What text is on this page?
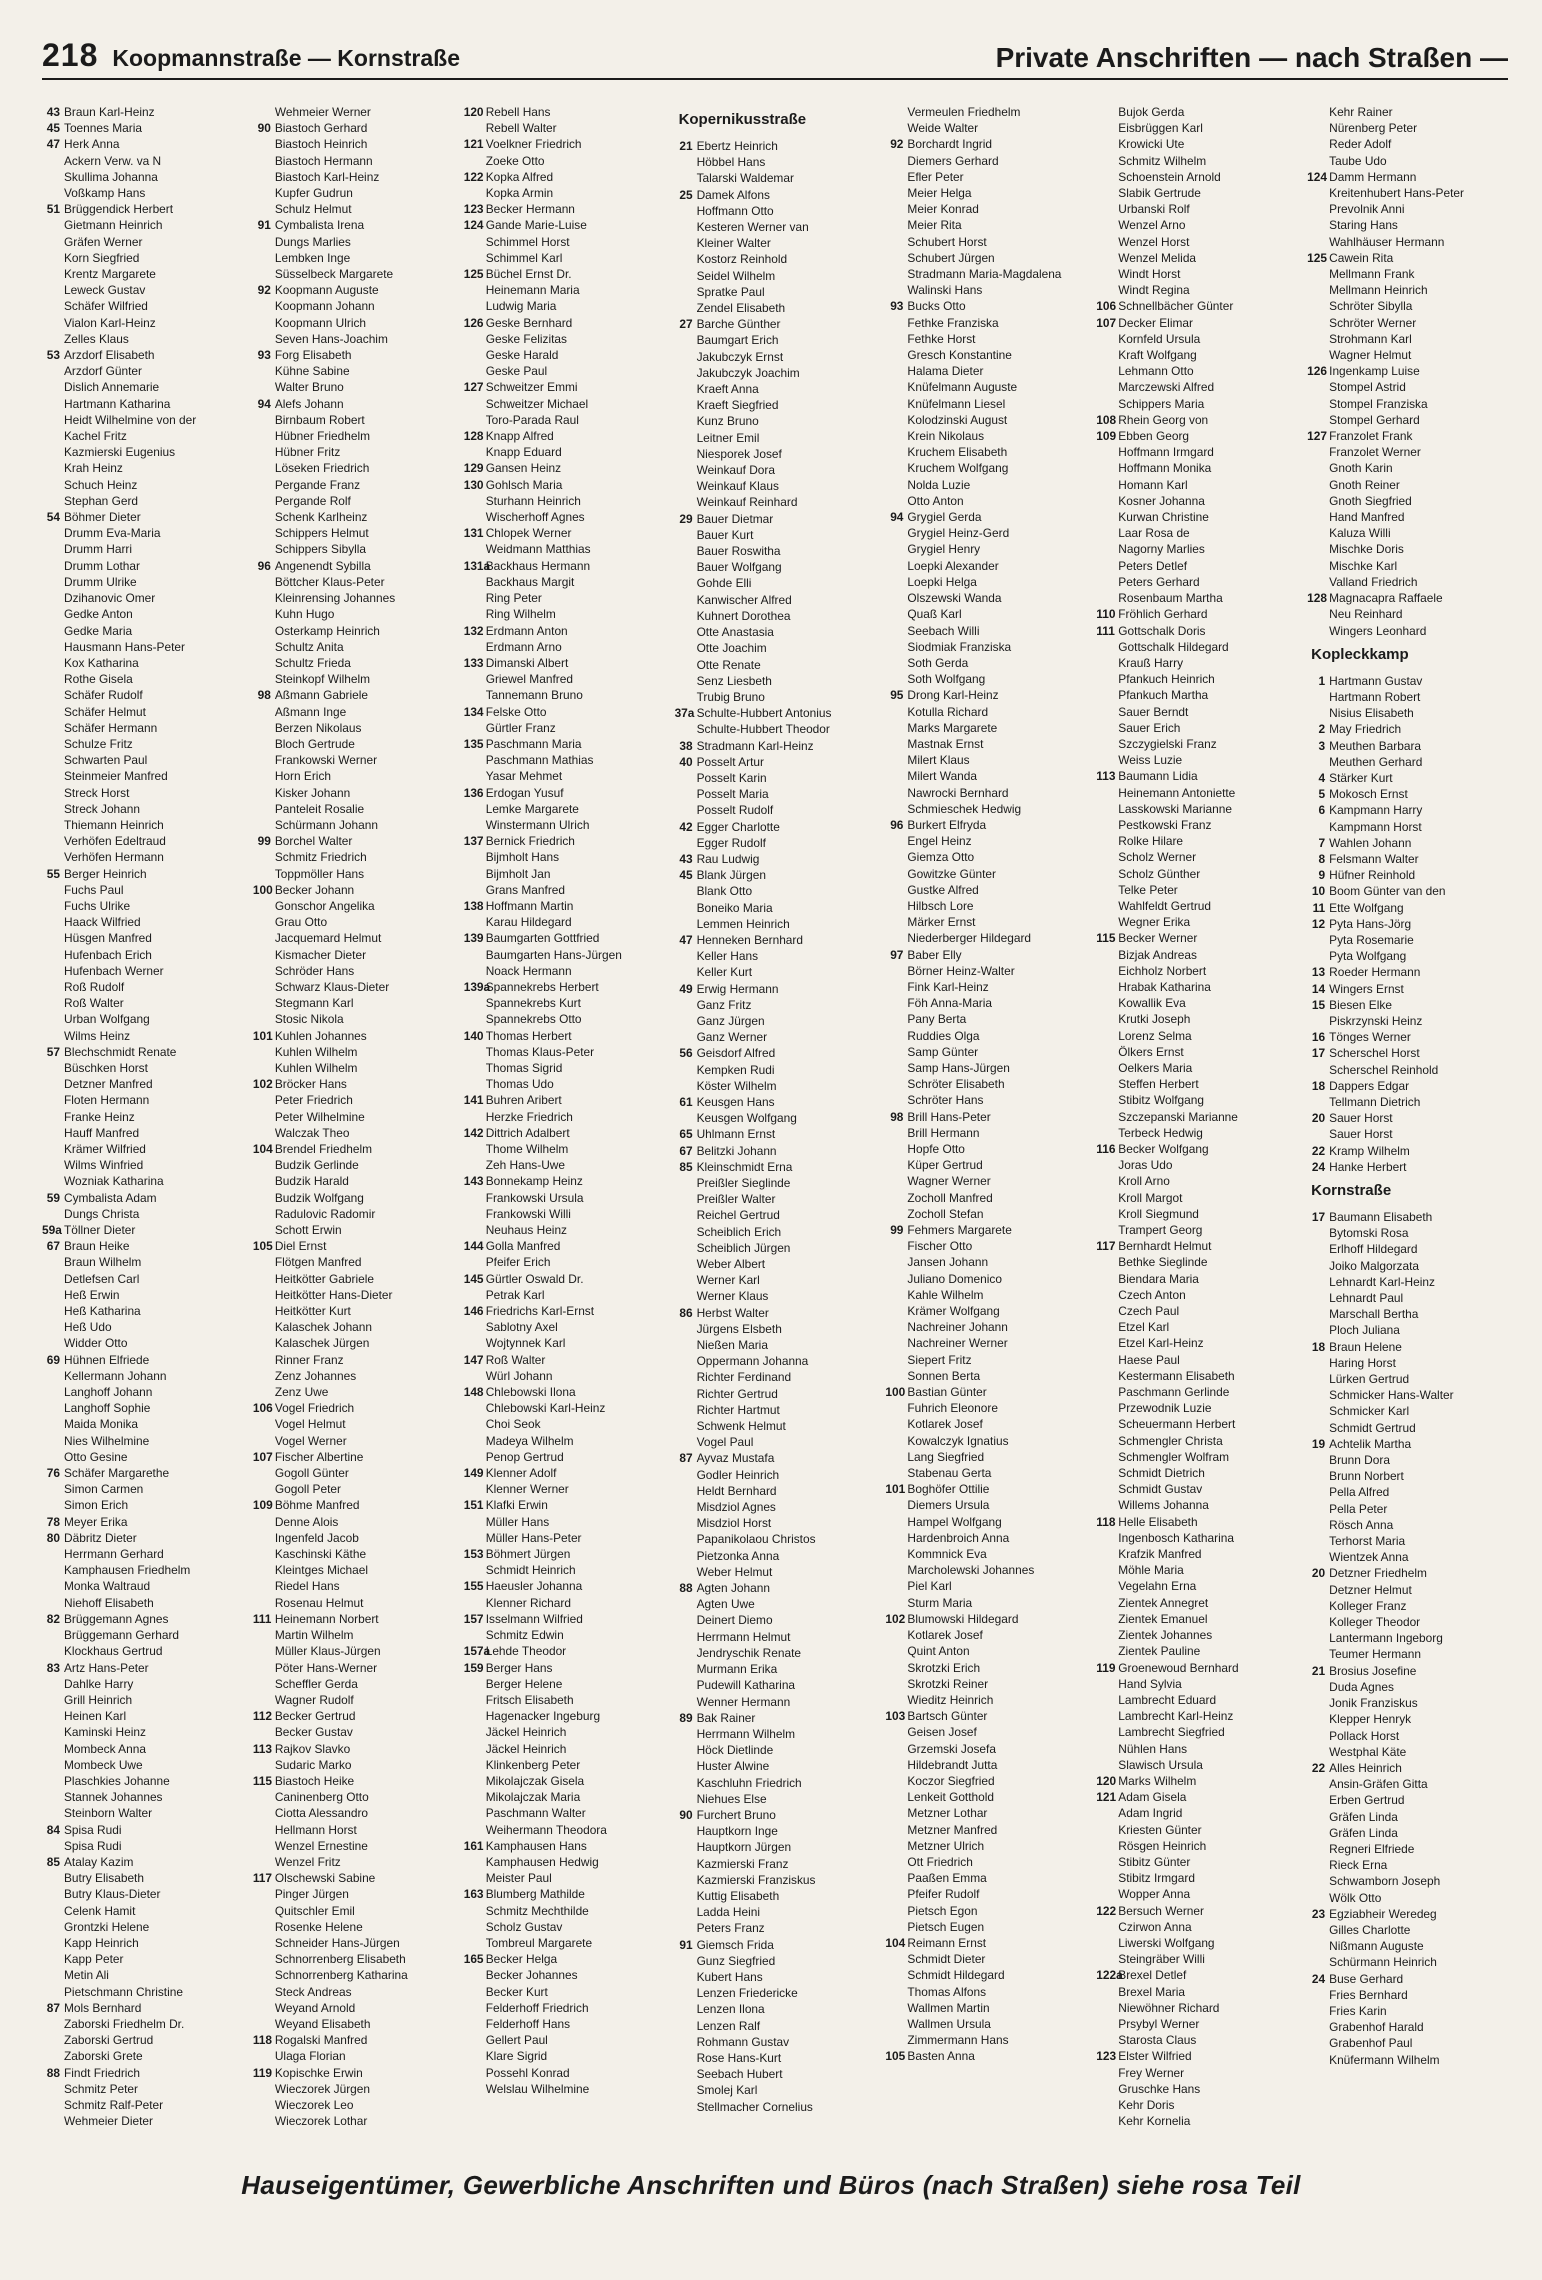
218 Koopmannstraße — Kornstraße	Private Anschriften — nach Straßen —
43 Braun Karl-Heinz
45 Toennes Maria
47 Herk Anna
Ackern Verw. va N
Skullima Johanna
Voßkamp Hans
51 Brüggendick Herbert
Gietmann Heinrich
Gräfen Werner
Korn Siegfried
Krentz Margarete
Leweck Gustav
Schäfer Wilfried
Vialon Karl-Heinz
Zelles Klaus
53 Arzdorf Elisabeth
Arzdorf Günter
Dislich Annemarie
Hartmann Katharina
Heidt Wilhelmine von der
Kachel Fritz
Kazmierski Eugenius
Krah Heinz
Schuch Heinz
Stephan Gerd
54 Böhmer Dieter
Drumm Eva-Maria
Drumm Harri
Drumm Lothar
Drumm Ulrike
Dzihanovic Omer
Gedke Anton
Gedke Maria
Hausmann Hans-Peter
Kox Katharina
Rothe Gisela
Schäfer Rudolf
Schäfer Helmut
Schäfer Hermann
Schulze Fritz
Schwarten Paul
Steinmeier Manfred
Streck Horst
Streck Johann
Thiemann Heinrich
Verhöfen Edeltraud
Verhöfen Hermann
55 Berger Heinrich
Fuchs Paul
Fuchs Ulrike
Haack Wilfried
Hüsgen Manfred
Hufenbach Erich
Hufenbach Werner
Roß Rudolf
Roß Walter
Urban Wolfgang
Wilms Heinz
57 Blechschmidt Renate
Büschken Horst
Detzner Manfred
Floten Hermann
Franke Heinz
Hauff Manfred
Krämer Wilfried
Wilms Winfried
Wozniak Katharina
59 Cymbalista Adam
Dungs Christa
59a Töllner Dieter
67 Braun Heike
Braun Wilhelm
Detlefsen Carl
Heß Erwin
Heß Katharina
Heß Udo
Widder Otto
69 Hühnen Elfriede
Kellermann Johann
Langhoff Johann
Langhoff Sophie
Maida Monika
Nies Wilhelmine
Otto Gesine
76 Schäfer Margarethe
Simon Carmen
Simon Erich
78 Meyer Erika
80 Däbritz Dieter
Herrmann Gerhard
Kamphausen Friedhelm
Monka Waltraud
Niehoff Elisabeth
82 Brüggemann Agnes
Brüggemann Gerhard
Klockhaus Gertrud
83 Artz Hans-Peter
Dahlke Harry
Grill Heinrich
Heinen Karl
Kaminski Heinz
Mombeck Anna
Mombeck Uwe
Plaschkies Johanne
Stannek Johannes
Steinborn Walter
84 Spisa Rudi
Spisa Rudi
85 Atalay Kazim
Butry Elisabeth
Butry Klaus-Dieter
Celenk Hamit
Grontzki Helene
Kapp Heinrich
Kapp Peter
Metin Ali
Pietschmann Christine
87 Mols Bernhard
Zaborski Friedhelm Dr.
Zaborski Gertrud
Zaborski Grete
88 Findt Friedrich
Schmitz Peter
Schmitz Ralf-Peter
Wehmeier Dieter
Wehmeier Werner
90 Biastoch Gerhard
Biastoch Heinrich
Biastoch Hermann
Biastoch Karl-Heinz
Kupfer Gudrun
Schulz Helmut
91 Cymbalista Irena
Dungs Marlies
Lembken Inge
Süsselbeck Margarete
92 Koopmann Auguste
Koopmann Johann
Koopmann Ulrich
Seven Hans-Joachim
93 Forg Elisabeth
Kühne Sabine
Walter Bruno
94 Alefs Johann
Birnbaum Robert
Hübner Friedhelm
Hübner Fritz
Löseken Friedrich
Pergande Franz
Pergande Rolf
Schenk Karlheinz
Schippers Helmut
Schippers Sibylla
96 Angenendt Sybilla
Böttcher Klaus-Peter
Kleinrensing Johannes
Kuhn Hugo
Osterkamp Heinrich
Schultz Anita
Schultz Frieda
Steinkopf Wilhelm
98 Aßmann Gabriele
Aßmann Inge
Berzen Nikolaus
Bloch Gertrude
Frankowski Werner
Horn Erich
Kisker Johann
Panteleit Rosalie
Schürmann Johann
99 Borchel Walter
Schmitz Friedrich
Toppmöller Hans
100 Becker Johann
Gonschor Angelika
Grau Otto
Jacquemard Helmut
Kismacher Dieter
Schröder Hans
Schwarz Klaus-Dieter
Stegmann Karl
Stosic Nikola
101 Kuhlen Johannes
Kuhlen Wilhelm
Kuhlen Wilhelm
102 Bröcker Hans
Peter Friedrich
Peter Wilhelmine
Walczak Theo
104 Brendel Friedhelm
Budzik Gerlinde
Budzik Harald
Budzik Wolfgang
Radulovic Radomir
Schott Erwin
105 Diel Ernst
Flötgen Manfred
Heitkötter Gabriele
Heitkötter Hans-Dieter
Heitkötter Kurt
Kalaschek Johann
Kalaschek Jürgen
Rinner Franz
Zenz Johannes
Zenz Uwe
106 Vogel Friedrich
Vogel Helmut
Vogel Werner
107 Fischer Albertine
Gogoll Günter
Gogoll Peter
109 Böhme Manfred
Denne Alois
Ingenfeld Jacob
Kaschinski Käthe
Kleintges Michael
Riedel Hans
Rosenau Helmut
111 Heinemann Norbert
Martin Wilhelm
Müller Klaus-Jürgen
Pöter Hans-Werner
Scheffler Gerda
Wagner Rudolf
112 Becker Gertrud
Becker Gustav
113 Rajkov Slavko
Sudaric Marko
115 Biastoch Heike
Caninenberg Otto
Ciotta Alessandro
Hellmann Horst
Wenzel Ernestine
Wenzel Fritz
117 Olschewski Sabine
Pinger Jürgen
Quitschler Emil
Rosenke Helene
Schneider Hans-Jürgen
Schnorrenberg Elisabeth
Schnorrenberg Katharina
Steck Andreas
Weyand Arnold
Weyand Elisabeth
118 Rogalski Manfred
Ulaga Florian
119 Kopischke Erwin
Wieczorek Jürgen
Wieczorek Leo
Wieczorek Lothar
120 Rebell Hans
Rebell Walter
121 Voelkner Friedrich
Zoeke Otto
122 Kopka Alfred
Kopka Armin
123 Becker Hermann
124 Gande Marie-Luise
Schimmel Horst
Schimmel Karl
125 Büchel Ernst Dr.
Heinemann Maria
Ludwig Maria
126 Geske Bernhard
Geske Felizitas
Geske Harald
Geske Paul
127 Schweitzer Emmi
Schweitzer Michael
Toro-Parada Raul
128 Knapp Alfred
Knapp Eduard
129 Gansen Heinz
130 Gohlsch Maria
Sturhann Heinrich
Wischerhoff Agnes
131 Chlopek Werner
Weidmann Matthias
131aBackhaus Hermann
Backhaus Margit
Ring Peter
Ring Wilhelm
132 Erdmann Anton
Erdmann Arno
133 Dimanski Albert
Griewel Manfred
Tannemann Bruno
134 Felske Otto
Gürtler Franz
135 Paschmann Maria
Paschmann Mathias
Yasar Mehmet
136 Erdogan Yusuf
Lemke Margarete
Winstermann Ulrich
137 Bernick Friedrich
Bijmholt Hans
Bijmholt Jan
Grans Manfred
138 Hoffmann Martin
Karau Hildegard
139 Baumgarten Gottfried
Baumgarten Hans-Jürgen
Noack Hermann
139aSpannekrebs Herbert
Spannekrebs Kurt
Spannekrebs Otto
140 Thomas Herbert
Thomas Klaus-Peter
Thomas Sigrid
Thomas Udo
141 Buhren Aribert
Herzke Friedrich
142 Dittrich Adalbert
Thome Wilhelm
Zeh Hans-Uwe
143 Bonnekamp Heinz
Frankowski Ursula
Frankowski Willi
Neuhaus Heinz
144 Golla Manfred
Pfeifer Erich
145 Gürtler Oswald Dr.
Petrak Karl
146 Friedrichs Karl-Ernst
Sablotny Axel
Wojtynnek Karl
147 Roß Walter
Würl Johann
148 Chlebowski Ilona
Chlebowski Karl-Heinz
Choi Seok
Madeya Wilhelm
Penop Gertrud
149 Klenner Adolf
Klenner Werner
151 Klafki Erwin
Müller Hans
Müller Hans-Peter
153 Böhmert Jürgen
Schmidt Heinrich
155 Haeusler Johanna
Klenner Richard
157 Isselmann Wilfried
Schmitz Edwin
157aLehde Theodor
159 Berger Hans
Berger Helene
Fritsch Elisabeth
Hagenacker Ingeburg
Jäckel Heinrich
Jäckel Heinrich
Klinkenberg Peter
Mikolajczak Gisela
Mikolajczak Maria
Paschmann Walter
Weihermann Theodora
161 Kamphausen Hans
Kamphausen Hedwig
Meister Paul
163 Blumberg Mathilde
Schmitz Mechthilde
Scholz Gustav
Tombreul Margarete
165 Becker Helga
Becker Johannes
Becker Kurt
Felderhoff Friedrich
Felderhoff Hans
Gellert Paul
Klare Sigrid
Possehl Konrad
Welslau Wilhelmine
Kopernikusstraße
21 Ebertz Heinrich
Höbbel Hans
Talarski Waldemar
25 Damek Alfons
Hoffmann Otto
Kesteren Werner van
Kleiner Walter
Kostorz Reinhold
Seidel Wilhelm
Spratke Paul
Zendel Elisabeth
27 Barche Günther
Baumgart Erich
Jakubczyk Ernst
Jakubczyk Joachim
Kraeft Anna
Kraeft Siegfried
Kunz Bruno
Leitner Emil
Niesporek Josef
Weinkauf Dora
Weinkauf Klaus
Weinkauf Reinhard
29 Bauer Dietmar
Bauer Kurt
Bauer Roswitha
Bauer Wolfgang
Gohde Elli
Kanwischer Alfred
Kuhnert Dorothea
Otte Anastasia
Otte Joachim
Otte Renate
Senz Liesbeth
Trubig Bruno
37a Schulte-Hubbert Antonius
Schulte-Hubbert Theodor
38 Stradmann Karl-Heinz
40 Posselt Artur
Posselt Karin
Posselt Maria
Posselt Rudolf
42 Egger Charlotte
Egger Rudolf
43 Rau Ludwig
45 Blank Jürgen
Blank Otto
Boneiko Maria
Lemmen Heinrich
47 Henneken Bernhard
Keller Hans
Keller Kurt
49 Erwig Hermann
Ganz Fritz
Ganz Jürgen
Ganz Werner
56 Geisdorf Alfred
Kempken Rudi
Köster Wilhelm
61 Keusgen Hans
Keusgen Wolfgang
65 Uhlmann Ernst
67 Belitzki Johann
85 Kleinschmidt Erna
Preißler Sieglinde
Preißler Walter
Reichel Gertrud
Scheiblich Erich
Scheiblich Jürgen
Weber Albert
Werner Karl
Werner Klaus
86 Herbst Walter
Jürgens Elsbeth
Nießen Maria
Oppermann Johanna
Richter Ferdinand
Richter Gertrud
Richter Hartmut
Schwenk Helmut
Vogel Paul
87 Ayvaz Mustafa
Godler Heinrich
Heldt Bernhard
Misdziol Agnes
Misdziol Horst
Papanikolaou Christos
Pietzonka Anna
Weber Helmut
88 Agten Johann
Agten Uwe
Deinert Diemo
Herrmann Helmut
Jendryschik Renate
Murmann Erika
Pudewill Katharina
Wenner Hermann
89 Bak Rainer
Herrmann Wilhelm
Höck Dietlinde
Huster Alwine
Kaschluhn Friedrich
Niehues Else
90 Furchert Bruno
Hauptkorn Inge
Hauptkorn Jürgen
Kazmierski Franz
Kazmierski Franziskus
Kuttig Elisabeth
Ladda Heini
Peters Franz
91 Giemsch Frida
Gunz Siegfried
Kubert Hans
Lenzen Friedericke
Lenzen Ilona
Lenzen Ralf
Rohmann Gustav
Rose Hans-Kurt
Seebach Hubert
Smolej Karl
Stellmacher Cornelius
Vermeulen Friedhelm
Weide Walter
92 Borchardt Ingrid
Diemers Gerhard
Efler Peter
Meier Helga
Meier Konrad
Meier Rita
Schubert Horst
Schubert Jürgen
Stradmann Maria-Magdalena
Walinski Hans
93 Bucks Otto
Fethke Franziska
Fethke Horst
Gresch Konstantine
Halama Dieter
Knüfelmann Auguste
Knüfelmann Liesel
Kolodzinski August
Krein Nikolaus
Kruchem Elisabeth
Kruchem Wolfgang
Nolda Luzie
Otto Anton
94 Grygiel Gerda
Grygiel Heinz-Gerd
Grygiel Henry
Loepki Alexander
Loepki Helga
Olszewski Wanda
Quaß Karl
Seebach Willi
Siodmiak Franziska
Soth Gerda
Soth Wolfgang
95 Drong Karl-Heinz
Kotulla Richard
Marks Margarete
Mastnak Ernst
Milert Klaus
Milert Wanda
Nawrocki Bernhard
Schmieschek Hedwig
96 Burkert Elfryda
Engel Heinz
Giemza Otto
Gowitzke Günter
Gustke Alfred
Hilbsch Lore
Märker Ernst
Niederberger Hildegard
97 Baber Elly
Börner Heinz-Walter
Fink Karl-Heinz
Föh Anna-Maria
Pany Berta
Ruddies Olga
Samp Günter
Samp Hans-Jürgen
Schröter Elisabeth
Schröter Hans
98 Brill Hans-Peter
Brill Hermann
Hopfe Otto
Küper Gertrud
Wagner Werner
Zocholl Manfred
Zocholl Stefan
99 Fehmers Margarete
Fischer Otto
Jansen Johann
Juliano Domenico
Kahle Wilhelm
Krämer Wolfgang
Nachreiner Johann
Nachreiner Werner
Siepert Fritz
Sonnen Berta
100 Bastian Günter
Fuhrich Eleonore
Kotlarek Josef
Kowalczyk Ignatius
Lang Siegfried
Stabenau Gerta
101 Boghöfer Ottilie
Diemers Ursula
Hampel Wolfgang
Hardenbroich Anna
Kommnick Eva
Marcholewski Johannes
Piel Karl
Sturm Maria
102 Blumowski Hildegard
Kotlarek Josef
Quint Anton
Skrotzki Erich
Skrotzki Reiner
Wieditz Heinrich
103 Bartsch Günter
Geisen Josef
Grzemski Josefa
Hildebrandt Jutta
Koczor Siegfried
Lenkeit Gotthold
Metzner Lothar
Metzner Manfred
Metzner Ulrich
Ott Friedrich
Paaßen Emma
Pfeifer Rudolf
Pietsch Egon
Pietsch Eugen
104 Reimann Ernst
Schmidt Dieter
Schmidt Hildegard
Thomas Alfons
Wallmen Martin
Wallmen Ursula
Zimmermann Hans
105 Basten Anna
Bujok Gerda
Eisbrüggen Karl
Krowicki Ute
Schmitz Wilhelm
Schoenstein Arnold
Slabik Gertrude
Urbanski Rolf
Wenzel Arno
Wenzel Horst
Wenzel Melida
Windt Horst
Windt Regina
106 Schnellbächer Günter
107 Decker Elimar
Kornfeld Ursula
Kraft Wolfgang
Lehmann Otto
Marczewski Alfred
Schippers Maria
108 Rhein Georg von
109 Ebben Georg
Hoffmann Irmgard
Hoffmann Monika
Homann Karl
Kosner Johanna
Kurwan Christine
Laar Rosa de
Nagorny Marlies
Peters Detlef
Peters Gerhard
Rosenbaum Martha
110 Fröhlich Gerhard
111 Gottschalk Doris
Gottschalk Hildegard
Krauß Harry
Pfankuch Heinrich
Pfankuch Martha
Sauer Berndt
Sauer Erich
Szczygielski Franz
Weiss Luzie
113 Baumann Lidia
Heinemann Antoniette
Lasskowski Marianne
Pestkowski Franz
Rolke Hilare
Scholz Werner
Scholz Günther
Telke Peter
Wahlfeldt Gertrud
Wegner Erika
115 Becker Werner
Bizjak Andreas
Eichholz Norbert
Hrabak Katharina
Kowallik Eva
Krutki Joseph
Lorenz Selma
Ölkers Ernst
Oelkers Maria
Steffen Herbert
Stibitz Wolfgang
Szczepanski Marianne
Terbeck Hedwig
116 Becker Wolfgang
Joras Udo
Kroll Arno
Kroll Margot
Kroll Siegmund
Trampert Georg
117 Bernhardt Helmut
Bethke Sieglinde
Biendara Maria
Czech Anton
Czech Paul
Etzel Karl
Etzel Karl-Heinz
Haese Paul
Kestermann Elisabeth
Paschmann Gerlinde
Przewodnik Luzie
Scheuermann Herbert
Schmengler Christa
Schmengler Wolfram
Schmidt Dietrich
Schmidt Gustav
Willems Johanna
118 Helle Elisabeth
Ingenbosch Katharina
Krafzik Manfred
Möhle Maria
Vegelahn Erna
Zientek Annegret
Zientek Emanuel
Zientek Johannes
Zientek Pauline
119 Groenewoud Bernhard
Hand Sylvia
Lambrecht Eduard
Lambrecht Karl-Heinz
Lambrecht Siegfried
Nühlen Hans
Slawisch Ursula
120 Marks Wilhelm
121 Adam Gisela
Adam Ingrid
Kriesten Günter
Rösgen Heinrich
Stibitz Günter
Stibitz Irmgard
Wopper Anna
122 Bersuch Werner
Czirwon Anna
Liwerski Wolfgang
Steingräber Willi
122aBrexel Detlef
Brexel Maria
Niewöhner Richard
Prsybyl Werner
Starosta Claus
123 Elster Wilfried
Frey Werner
Gruschke Hans
Kehr Doris
Kehr Kornelia
Kehr Rainer
Nürenberg Peter
Reder Adolf
Taube Udo
124 Damm Hermann
Kreitenhubert Hans-Peter
Prevolnik Anni
Staring Hans
Wahlhäuser Hermann
125 Cawein Rita
Mellmann Frank
Mellmann Heinrich
Schröter Sibylla
Schröter Werner
Strohmann Karl
Wagner Helmut
126 Ingenkamp Luise
Stompel Astrid
Stompel Franziska
Stompel Gerhard
127 Franzolet Frank
Franzolet Werner
Gnoth Karin
Gnoth Reiner
Gnoth Siegfried
Hand Manfred
Kaluza Willi
Mischke Doris
Mischke Karl
Valland Friedrich
128 Magnacapra Raffaele
Neu Reinhard
Wingers Leonhard
Kopleckkamp
1 Hartmann Gustav
Hartmann Robert
Nisius Elisabeth
2 May Friedrich
3 Meuthen Barbara
Meuthen Gerhard
4 Stärker Kurt
5 Mokosch Ernst
6 Kampmann Harry
Kampmann Horst
7 Wahlen Johann
8 Felsmann Walter
9 Hüfner Reinhold
10 Boom Günter van den
11 Ette Wolfgang
12 Pyta Hans-Jörg
Pyta Rosemarie
Pyta Wolfgang
13 Roeder Hermann
14 Wingers Ernst
15 Biesen Elke
Piskrzynski Heinz
16 Tönges Werner
17 Scherschel Horst
Scherschel Reinhold
18 Dappers Edgar
Tellmann Dietrich
20 Sauer Horst
Sauer Horst
22 Kramp Wilhelm
24 Hanke Herbert
Kornstraße
17 Baumann Elisabeth
Bytomski Rosa
Erlhoff Hildegard
Joiko Malgorzata
Lehnardt Karl-Heinz
Lehnardt Paul
Marschall Bertha
Ploch Juliana
18 Braun Helene
Haring Horst
Lürken Gertrud
Schmicker Hans-Walter
Schmicker Karl
Schmidt Gertrud
19 Achtelik Martha
Brunn Dora
Brunn Norbert
Pella Alfred
Pella Peter
Rösch Anna
Terhorst Maria
Wientzek Anna
20 Detzner Friedhelm
Detzner Helmut
Kolleger Franz
Kolleger Theodor
Lantermann Ingeborg
Teumer Hermann
21 Brosius Josefine
Duda Agnes
Jonik Franziskus
Klepper Henryk
Pollack Horst
Westphal Käte
22 Alles Heinrich
Ansin-Gräfen Gitta
Erben Gertrud
Gräfen Linda
Gräfen Linda
Regneri Elfriede
Rieck Erna
Schwamborn Joseph
Wölk Otto
23 Egziabheir Weredeg
Gilles Charlotte
Nißmann Auguste
Schürmann Heinrich
24 Buse Gerhard
Fries Bernhard
Fries Karin
Grabenhof Harald
Grabenhof Paul
Knüfermann Wilhelm
Hauseigentümer, Gewerbliche Anschriften und Büros (nach Straßen) siehe rosa Teil
